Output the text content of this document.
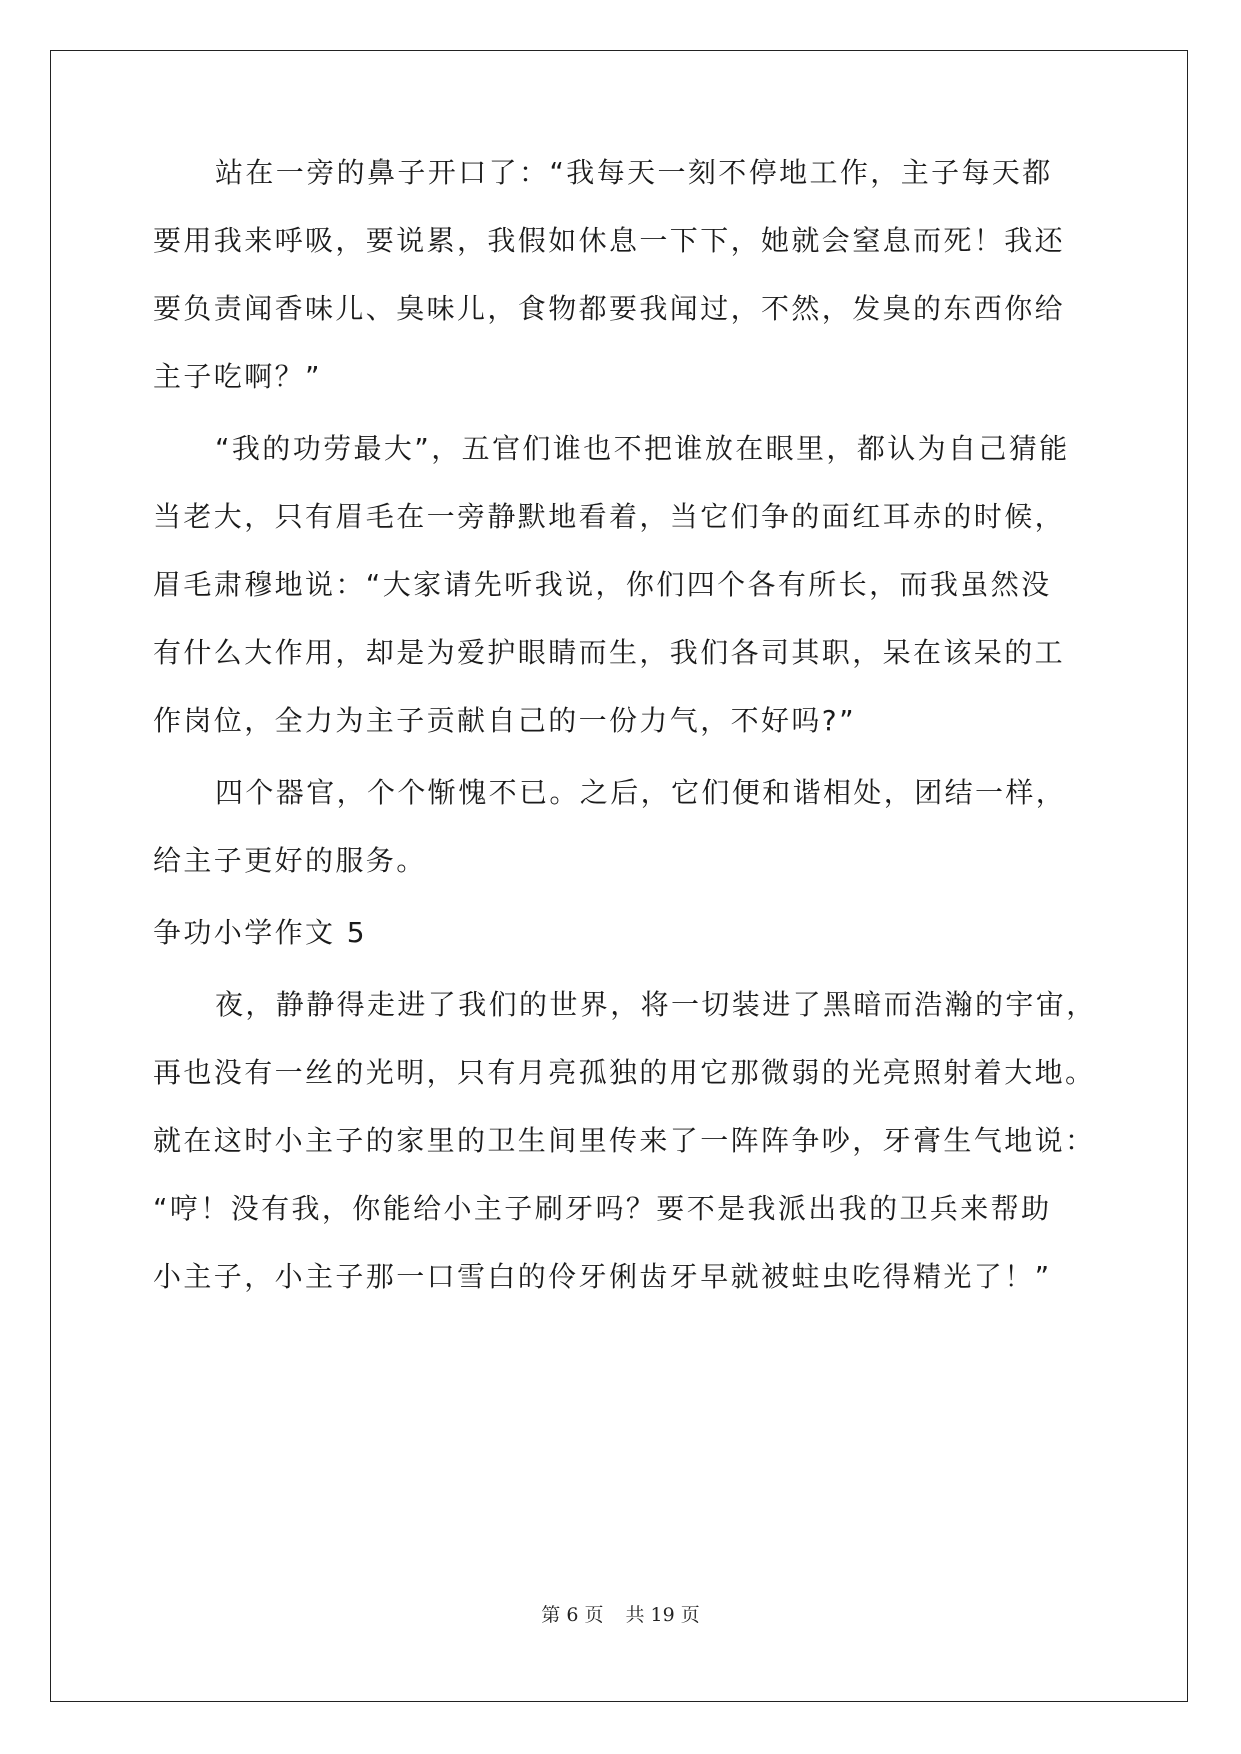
站在一旁的鼻子开口了：“我每天一刻不停地工作，主子每天都
要用我来呼吸，要说累，我假如休息一下下，她就会窒息而死！我还
要负责闻香味儿、臭味儿，食物都要我闻过，不然，发臭的东西你给
主子吃啊？”
“我的功劳最大”，五官们谁也不把谁放在眼里，都认为自己猜能
当老大，只有眉毛在一旁静默地看着，当它们争的面红耳赤的时候，
眉毛肃穆地说：“大家请先听我说，你们四个各有所长，而我虽然没
有什么大作用，却是为爱护眼睛而生，我们各司其职，呆在该呆的工
作岗位，全力为主子贡献自己的一份力气，不好吗?”
四个器官，个个惭愧不已。之后，它们便和谐相处，团结一样，
给主子更好的服务。
争功小学作文 5
夜，静静得走进了我们的世界，将一切装进了黑暗而浩瀚的宇宙，
再也没有一丝的光明，只有月亮孤独的用它那微弱的光亮照射着大地。
就在这时小主子的家里的卫生间里传来了一阵阵争吵，牙膏生气地说：
“哼！没有我，你能给小主子刷牙吗？要不是我派出我的卫兵来帮助
小主子，小主子那一口雪白的伶牙俐齿牙早就被蛀虫吃得精光了！”
第 6 页 共 19 页
